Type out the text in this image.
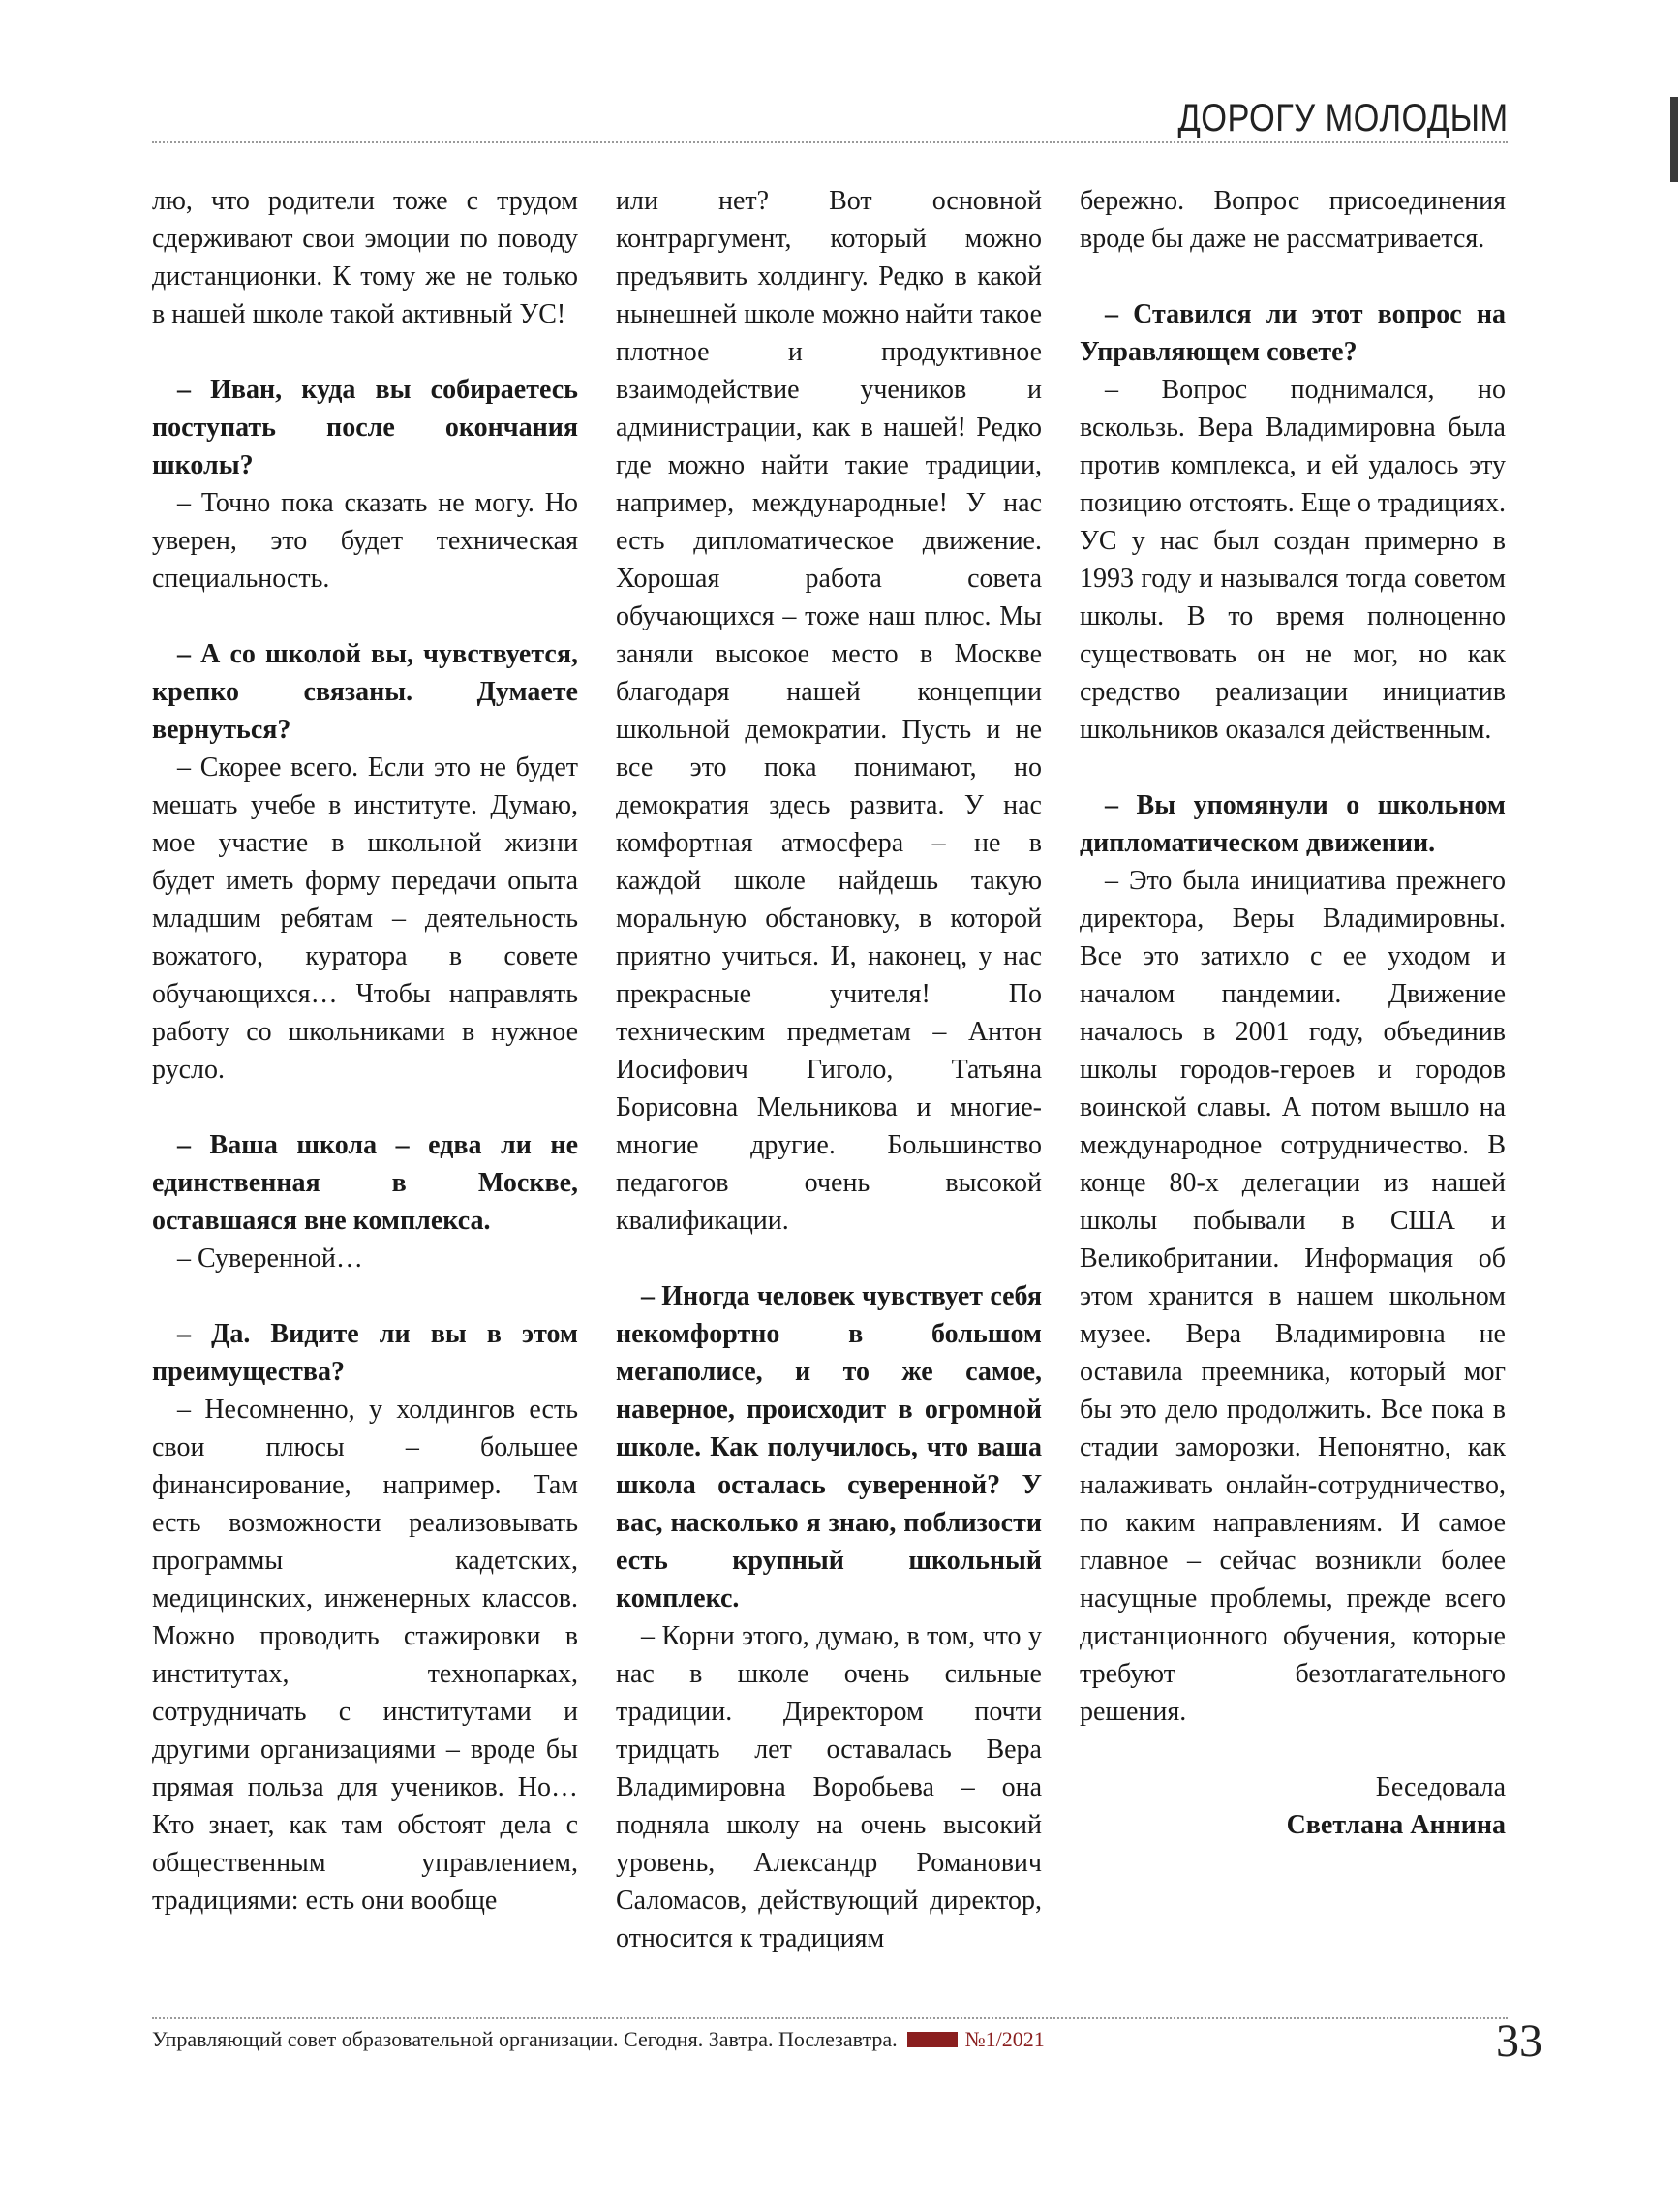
ДОРОГУ МОЛОДЫМ

лю, что родители тоже с трудом сдерживают свои эмоции по поводу дистанционки. К тому же не только в нашей школе такой активный УС!

– Иван, куда вы собираетесь поступать после окончания школы?

– Точно пока сказать не могу. Но уверен, это будет техническая специальность.

– А со школой вы, чувствуется, крепко связаны. Думаете вернуться?

– Скорее всего. Если это не будет мешать учебе в институте. Думаю, мое участие в школьной жизни будет иметь форму передачи опыта младшим ребятам – деятельность вожатого, куратора в совете обучающихся… Чтобы направлять работу со школьниками в нужное русло.

– Ваша школа – едва ли не единственная в Москве, оставшаяся вне комплекса.

– Суверенной…

– Да. Видите ли вы в этом преимущества?

– Несомненно, у холдингов есть свои плюсы – большее финансирование, например. Там есть возможности реализовывать программы кадетских, медицинских, инженерных классов. Можно проводить стажировки в институтах, технопарках, сотрудничать с институтами и другими организациями – вроде бы прямая польза для учеников. Но… Кто знает, как там обстоят дела с общественным управлением, традициями: есть они вообще

или нет? Вот основной контраргумент, который можно предъявить холдингу. Редко в какой нынешней школе можно найти такое плотное и продуктивное взаимодействие учеников и администрации, как в нашей! Редко где можно найти такие традиции, например, международные! У нас есть дипломатическое движение. Хорошая работа совета обучающихся – тоже наш плюс. Мы заняли высокое место в Москве благодаря нашей концепции школьной демократии. Пусть и не все это пока понимают, но демократия здесь развита. У нас комфортная атмосфера – не в каждой школе найдешь такую моральную обстановку, в которой приятно учиться. И, наконец, у нас прекрасные учителя! По техническим предметам – Антон Иосифович Гиголо, Татьяна Борисовна Мельникова и многие-многие другие. Большинство педагогов очень высокой квалификации.

– Иногда человек чувствует себя некомфортно в большом мегаполисе, и то же самое, наверное, происходит в огромной школе. Как получилось, что ваша школа осталась суверенной? У вас, насколько я знаю, поблизости есть крупный школьный комплекс.

– Корни этого, думаю, в том, что у нас в школе очень сильные традиции. Директором почти тридцать лет оставалась Вера Владимировна Воробьева – она подняла школу на очень высокий уровень, Александр Романович Саломасов, действующий директор, относится к традициям

бережно. Вопрос присоединения вроде бы даже не рассматривается.

– Ставился ли этот вопрос на Управляющем совете?

– Вопрос поднимался, но вскользь. Вера Владимировна была против комплекса, и ей удалось эту позицию отстоять. Еще о традициях. УС у нас был создан примерно в 1993 году и назывался тогда советом школы. В то время полноценно существовать он не мог, но как средство реализации инициатив школьников оказался действенным.

– Вы упомянули о школьном дипломатическом движении.

– Это была инициатива прежнего директора, Веры Владимировны. Все это затихло с ее уходом и началом пандемии. Движение началось в 2001 году, объединив школы городов-героев и городов воинской славы. А потом вышло на международное сотрудничество. В конце 80-х делегации из нашей школы побывали в США и Великобритании. Информация об этом хранится в нашем школьном музее. Вера Владимировна не оставила преемника, который мог бы это дело продолжить. Все пока в стадии заморозки. Непонятно, как налаживать онлайн-сотрудничество, по каким направлениям. И самое главное – сейчас возникли более насущные проблемы, прежде всего дистанционного обучения, которые требуют безотлагательного решения.

Беседовала

Светлана Аннина

Управляющий совет образовательной организации. Сегодня. Завтра. Послезавтра.	№1/2021	33
